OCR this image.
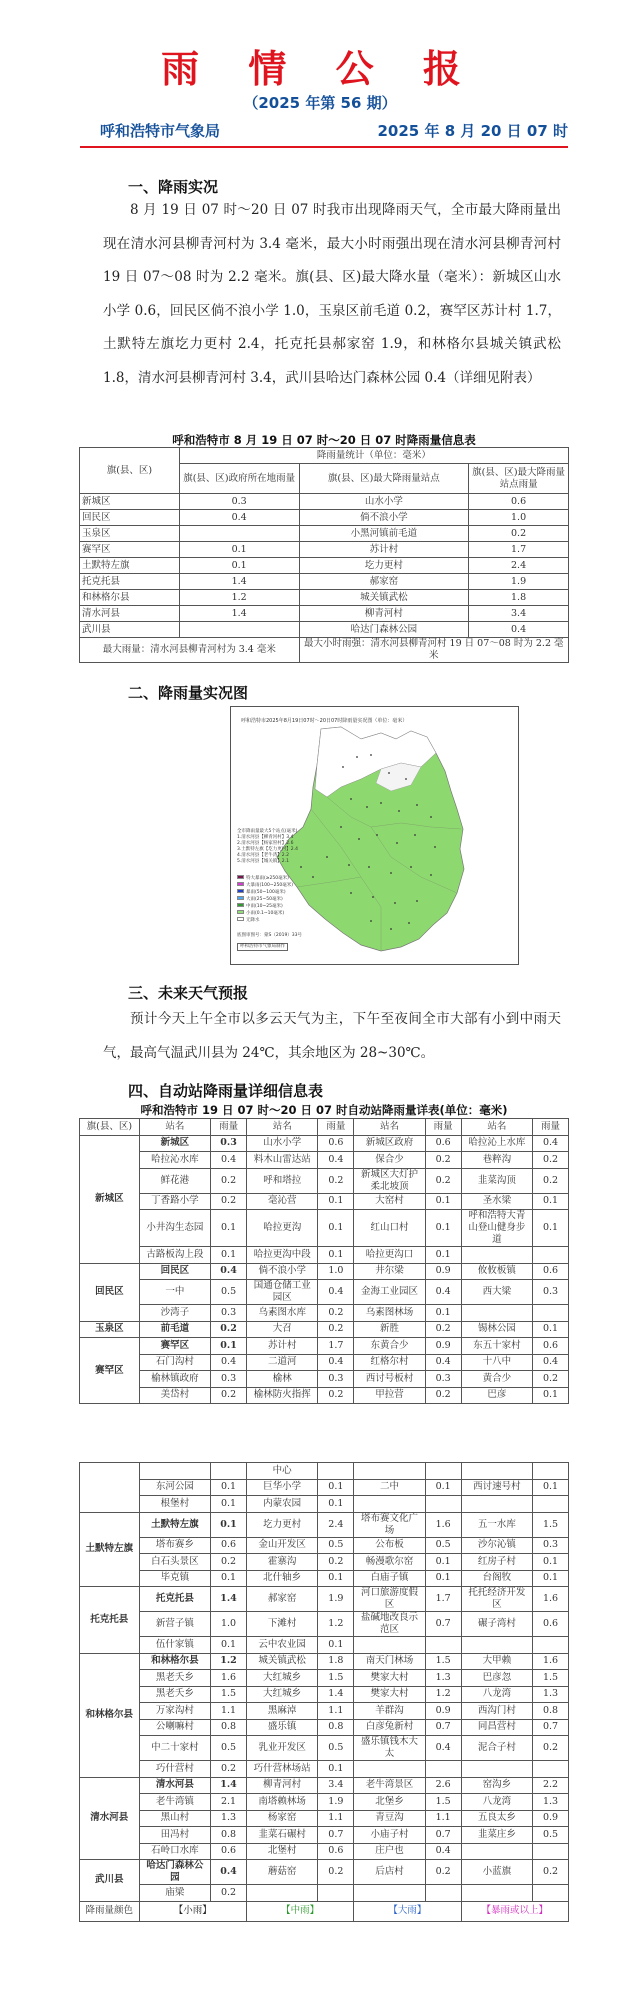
雨 情 公 报
（2025 年第 56 期）
呼和浩特市气象局	2025 年 8 月 20 日 07 时
一、降雨实况
8 月 19 日 07 时～20 日 07 时我市出现降雨天气，全市最大降雨量出现在清水河县柳青河村为 3.4 毫米，最大小时雨强出现在清水河县柳青河村 19 日 07～08 时为 2.2 毫米。旗(县、区)最大降水量（毫米）：新城区山水小学 0.6，回民区倘不浪小学 1.0，玉泉区前毛道 0.2，赛罕区苏计村 1.7，土默特左旗圪力更村 2.4，托克托县郝家窑 1.9，和林格尔县城关镇武松 1.8，清水河县柳青河村 3.4，武川县哈达门森林公园 0.4（详细见附表）
呼和浩特市 8 月 19 日 07 时～20 日 07 时降雨量信息表
旗(县、区)	降雨量统计（单位：毫米）		
	旗(县、区)政府所在地雨量	旗(县、区)最大降雨量站点	旗(县、区)最大降雨量站点雨量
新城区	0.3	山水小学	0.6
回民区	0.4	倘不浪小学	1.0
玉泉区		小黑河镇前毛道	0.2
赛罕区	0.1	苏计村	1.7
土默特左旗	0.1	圪力更村	2.4
托克托县	1.4	郝家窑	1.9
和林格尔县	1.2	城关镇武松	1.8
清水河县	1.4	柳青河村	3.4
武川县		哈达门森林公园	0.4
最大雨量：清水河县柳青河村为 3.4 毫米		最大小时雨强：清水河县柳青河村 19 日 07～08 时为 2.2 毫米	
二、降雨量实况图
呼和浩特市2025年8月19日07时～20日07时降雨量实况图（单位：毫米）
全市降雨量最大5个站点(毫米)
1.清水河县【柳青河村】3.4
2.清水河县【杨家窑村】2.6
3.土默特左旗【圪力更村】2.4
4.清水河县【老牛湾】2.2
5.清水河县【城关镇】2.1
特大暴雨(≥250毫米)
大暴雨(100~250毫米)
暴雨(50~100毫米)
大雨(25~50毫米)
中雨(10~25毫米)
小雨(0.1~10毫米)
无降水
底图审图号：蒙S（2019）33号
呼和浩特市气象局制作
三、未来天气预报
预计今天上午全市以多云天气为主，下午至夜间全市大部有小到中雨天气，最高气温武川县为 24℃，其余地区为 28~30℃。
四、自动站降雨量详细信息表
呼和浩特市 19 日 07 时～20 日 07 时自动站降雨量详表(单位：毫米)
旗(县、区)	站名	雨量	站名	雨量	站名	雨量	站名	雨量
新城区	新城区	0.3	山水小学	0.6	新城区政府	0.6	哈拉沁上水库	0.4
	哈拉沁水库	0.4	料木山雷达站	0.4	保合少	0.2	巷粹沟	0.2
	鲜花港	0.2	呼和塔拉	0.2	新城区大灯护柔北坡顶	0.2	韭菜沟顶	0.2
	丁香路小学	0.2	毫沁营	0.1	大窑村	0.1	圣水梁	0.1
	小井沟生态园	0.1	哈拉更沟	0.1	红山口村	0.1	呼和浩特大青山登山健身步道	0.1
	古路板沟上段	0.1	哈拉更沟中段	0.1	哈拉更沟口	0.1		
回民区	回民区	0.4	倘不浪小学	1.0	井尔梁	0.9	攸攸板镇	0.6
	一中	0.5	国通仓储工业园区	0.4	金海工业园区	0.4	西大梁	0.3
	沙湾子	0.3	乌素图水库	0.2	乌素图林场	0.1		
玉泉区	前毛道	0.2	大召	0.2	新胜	0.2	锡林公园	0.1
赛罕区	赛罕区	0.1	苏计村	1.7	东黄合少	0.9	东五十家村	0.6
	石门沟村	0.4	二道河	0.4	红格尔村	0.4	十八中	0.4
	榆林镇政府	0.3	榆林	0.3	西讨号板村	0.3	黄合少	0.2
	美岱村	0.2	榆林防火指挥	0.2	甲拉营	0.2	巴彦	0.1

			中心					
	东河公园	0.1	巨华小学	0.1	二中	0.1	西讨速号村	0.1
	根堡村	0.1	内蒙农园	0.1				
土默特左旗	土默特左旗	0.1	圪力更村	2.4	塔布赛文化广场	1.6	五一水库	1.5
	塔布赛乡	0.6	金山开发区	0.5	公布板	0.5	沙尔沁镇	0.3
	白石头景区	0.2	霍寨沟	0.2	畅漫歌尔窑	0.1	红房子村	0.1
	毕克镇	0.1	北什轴乡	0.1	白庙子镇	0.1	台阁牧	0.1
托克托县	托克托县	1.4	郝家窑	1.9	河口旅游度假区	1.7	托托经济开发区	1.6
	新营子镇	1.0	下滩村	1.2	盐碱地改良示范区	0.7	碾子湾村	0.6
	伍什家镇	0.1	云中农业园	0.1				
和林格尔县	和林格尔县	1.2	城关镇武松	1.8	南天门林场	1.5	大甲赖	1.6
	黑老夭乡	1.6	大红城乡	1.5	樊家大村	1.3	巴彦忽	1.5
	黑老夭乡	1.5	大红城乡	1.4	樊家大村	1.2	八龙湾	1.3
	万家沟村	1.1	黑麻淖	1.1	羊群沟	0.9	西沟门村	0.8
	公喇嘛村	0.8	盛乐镇	0.8	白彦兔新村	0.7	同昌营村	0.7
	中二十家村	0.5	乳业开发区	0.5	盛乐镇钱木大太	0.4	泥合子村	0.2
	巧什营村	0.2	巧什营林场站	0.1				
清水河县	清水河县	1.4	柳青河村	3.4	老牛湾景区	2.6	窑沟乡	2.2
	老牛湾镇	2.1	南塔赖林场	1.9	北堡乡	1.5	八龙湾	1.3
	黑山村	1.3	杨家窑	1.1	青豆沟	1.1	五良太乡	0.9
	田冯村	0.8	韭菜石碾村	0.7	小庙子村	0.7	韭菜庄乡	0.5
	石岭口水库	0.6	北堡村	0.6	庄户也	0.4		
武川县	哈达门森林公园	0.4	蘑菇窑	0.2	后店村	0.2	小蓝旗	0.2
	庙梁	0.2						
降雨量颜色	【小雨】		【中雨】		【大雨】		【暴雨或以上】	
